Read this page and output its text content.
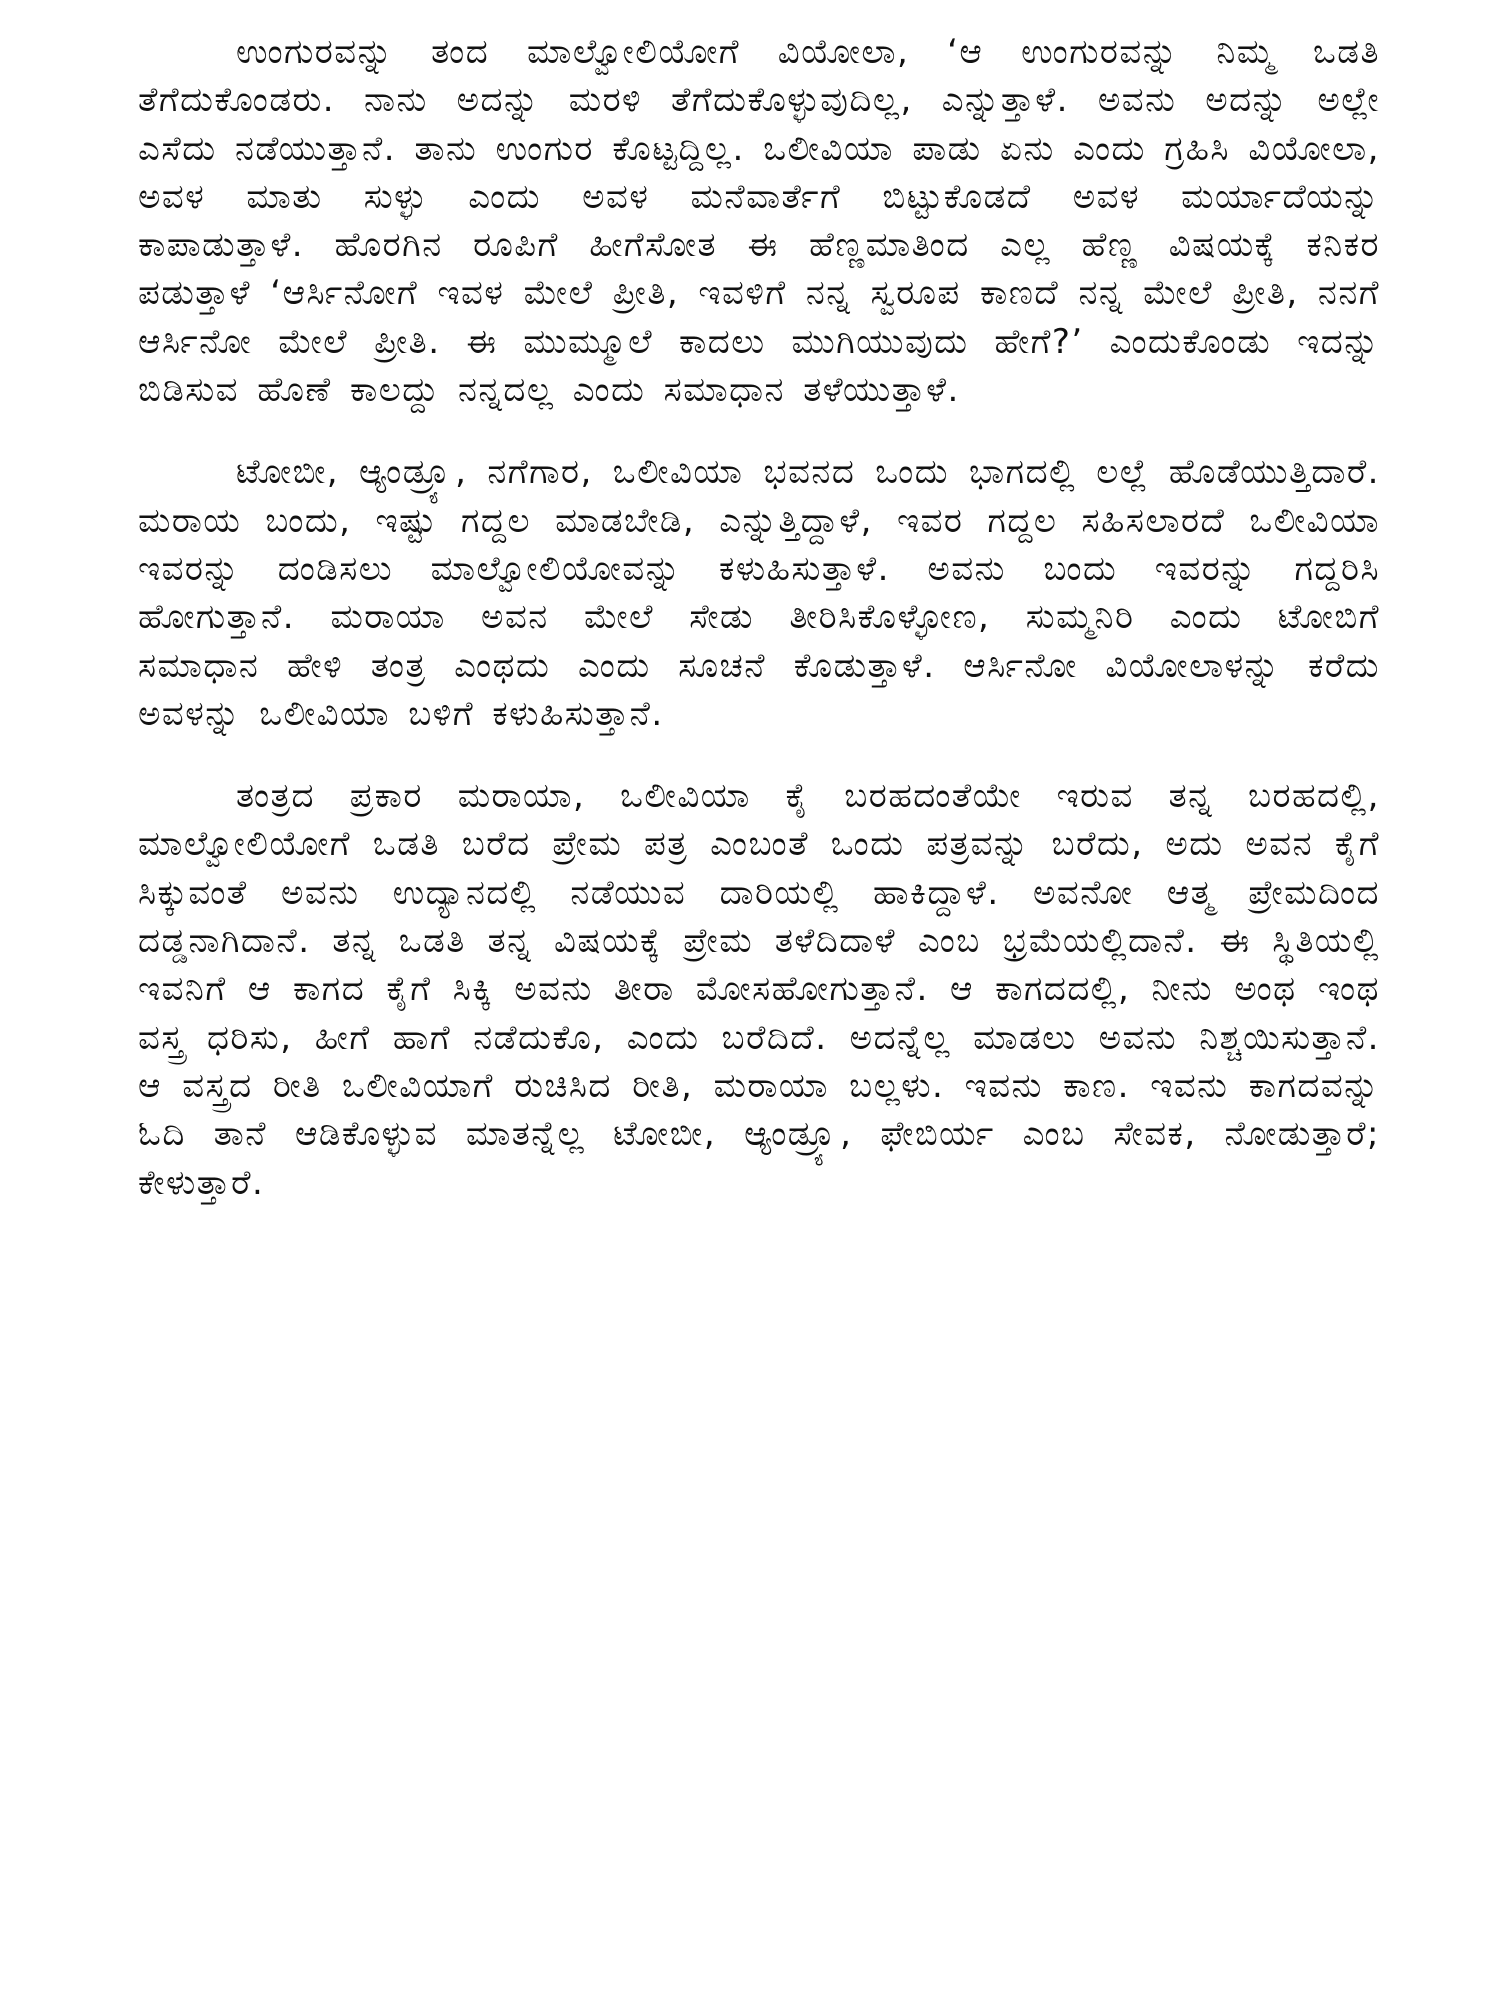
ಉಂಗುರವನ್ನು ತಂದ ಮಾಲ್ವೋಲಿಯೋಗೆ ವಿಯೋಲಾ, ‘ಆ ಉಂಗುರವನ್ನು ನಿಮ್ಮ ಒಡತಿ ತೆಗೆದುಕೊಂಡರು. ನಾನು ಅದನ್ನು ಮರಳಿ ತೆಗೆದುಕೊಳ್ಳುವುದಿಲ್ಲ, ಎನ್ನುತ್ತಾಳೆ. ಅವನು ಅದನ್ನು ಅಲ್ಲೇ ಎಸೆದು ನಡೆಯುತ್ತಾನೆ. ತಾನು ಉಂಗುರ ಕೊಟ್ಟದ್ದಿಲ್ಲ. ಒಲೀವಿಯಾ ಪಾಡು ಏನು ಎಂದು ಗ್ರಹಿಸಿ ವಿಯೋಲಾ, ಅವಳ ಮಾತು ಸುಳ್ಳು ಎಂದು ಅವಳ ಮನೆವಾರ್ತೆಗೆ ಬಿಟ್ಟುಕೊಡದೆ ಅವಳ ಮರ್ಯಾದೆಯನ್ನು ಕಾಪಾಡುತ್ತಾಳೆ. ಹೊರಗಿನ ರೂಪಿಗೆ ಹೀಗೆಸೋತ ಈ ಹೆಣ್ಣಮಾತಿಂದ ಎಲ್ಲ ಹೆಣ್ಣ ವಿಷಯಕ್ಕೆ ಕನಿಕರ ಪಡುತ್ತಾಳೆ ‘ಆರ್ಸಿನೋಗೆ ಇವಳ ಮೇಲೆ ಪ್ರೀತಿ, ಇವಳಿಗೆ ನನ್ನ ಸ್ವರೂಪ ಕಾಣದೆ ನನ್ನ ಮೇಲೆ ಪ್ರೀತಿ, ನನಗೆ ಆರ್ಸಿನೋ ಮೇಲೆ ಪ್ರೀತಿ. ಈ ಮುಮ್ಮೂಲೆ ಕಾದಲು ಮುಗಿಯುವುದು ಹೇಗೆ?’ ಎಂದುಕೊಂಡು ಇದನ್ನು ಬಿಡಿಸುವ ಹೊಣೆ ಕಾಲದ್ದು ನನ್ನದಲ್ಲ ಎಂದು ಸಮಾಧಾನ ತಳೆಯುತ್ತಾಳೆ.

ಟೋಬೀ, ಆ್ಯಂಡ್ರ್ಯೂ, ನಗೆಗಾರ, ಒಲೀವಿಯಾ ಭವನದ ಒಂದು ಭಾಗದಲ್ಲಿ ಲಲ್ಲೆ ಹೊಡೆಯುತ್ತಿದಾರೆ. ಮರಾಯ ಬಂದು, ಇಷ್ಟು ಗದ್ದಲ ಮಾಡಬೇಡಿ, ಎನ್ನುತ್ತಿದ್ದಾಳೆ, ಇವರ ಗದ್ದಲ ಸಹಿಸಲಾರದೆ ಒಲೀವಿಯಾ ಇವರನ್ನು ದಂಡಿಸಲು ಮಾಲ್ವೋಲಿಯೋವನ್ನು ಕಳುಹಿಸುತ್ತಾಳೆ. ಅವನು ಬಂದು ಇವರನ್ನು ಗದ್ದರಿಸಿ ಹೋಗುತ್ತಾನೆ. ಮರಾಯಾ ಅವನ ಮೇಲೆ ಸೇಡು ತೀರಿಸಿಕೊಳ್ಳೋಣ, ಸುಮ್ಮನಿರಿ ಎಂದು ಟೋಬಿಗೆ ಸಮಾಧಾನ ಹೇಳಿ ತಂತ್ರ ಎಂಥದು ಎಂದು ಸೂಚನೆ ಕೊಡುತ್ತಾಳೆ. ಆರ್ಸಿನೋ ವಿಯೋಲಾಳನ್ನು ಕರೆದು ಅವಳನ್ನು ಒಲೀವಿಯಾ ಬಳಿಗೆ ಕಳುಹಿಸುತ್ತಾನೆ.

ತಂತ್ರದ ಪ್ರಕಾರ ಮರಾಯಾ, ಒಲೀವಿಯಾ ಕೈ ಬರಹದಂತೆಯೇ ಇರುವ ತನ್ನ ಬರಹದಲ್ಲಿ, ಮಾಲ್ವೋಲಿಯೋಗೆ ಒಡತಿ ಬರೆದ ಪ್ರೇಮ ಪತ್ರ ಎಂಬಂತೆ ಒಂದು ಪತ್ರವನ್ನು ಬರೆದು, ಅದು ಅವನ ಕೈಗೆ ಸಿಕ್ಕುವಂತೆ ಅವನು ಉದ್ಯಾನದಲ್ಲಿ ನಡೆಯುವ ದಾರಿಯಲ್ಲಿ ಹಾಕಿದ್ದಾಳೆ. ಅವನೋ ಆತ್ಮ ಪ್ರೇಮದಿಂದ ದಡ್ಡನಾಗಿದಾನೆ. ತನ್ನ ಒಡತಿ ತನ್ನ ವಿಷಯಕ್ಕೆ ಪ್ರೇಮ ತಳೆದಿದಾಳೆ ಎಂಬ ಭ್ರಮೆಯಲ್ಲಿದಾನೆ. ಈ ಸ್ಥಿತಿಯಲ್ಲಿ ಇವನಿಗೆ ಆ ಕಾಗದ ಕೈಗೆ ಸಿಕ್ಕಿ ಅವನು ತೀರಾ ಮೋಸಹೋಗುತ್ತಾನೆ. ಆ ಕಾಗದದಲ್ಲಿ, ನೀನು ಅಂಥ ಇಂಥ ವಸ್ತ್ರ ಧರಿಸು, ಹೀಗೆ ಹಾಗೆ ನಡೆದುಕೊ, ಎಂದು ಬರೆದಿದೆ. ಅದನ್ನೆಲ್ಲ ಮಾಡಲು ಅವನು ನಿಶ್ಚಯಿಸುತ್ತಾನೆ. ಆ ವಸ್ತ್ರದ ರೀತಿ ಒಲೀವಿಯಾಗೆ ರುಚಿಸಿದ ರೀತಿ, ಮರಾಯಾ ಬಲ್ಲಳು. ಇವನು ಕಾಣ. ಇವನು ಕಾಗದವನ್ನು ಓದಿ ತಾನೆ ಆಡಿಕೊಳ್ಳುವ ಮಾತನ್ನೆಲ್ಲ ಟೋಬೀ, ಆ್ಯಂಡ್ರ್ಯೂ, ಫೇಬಿರ್ಯ ಎಂಬ ಸೇವಕ, ನೋಡುತ್ತಾರೆ; ಕೇಳುತ್ತಾರೆ.
